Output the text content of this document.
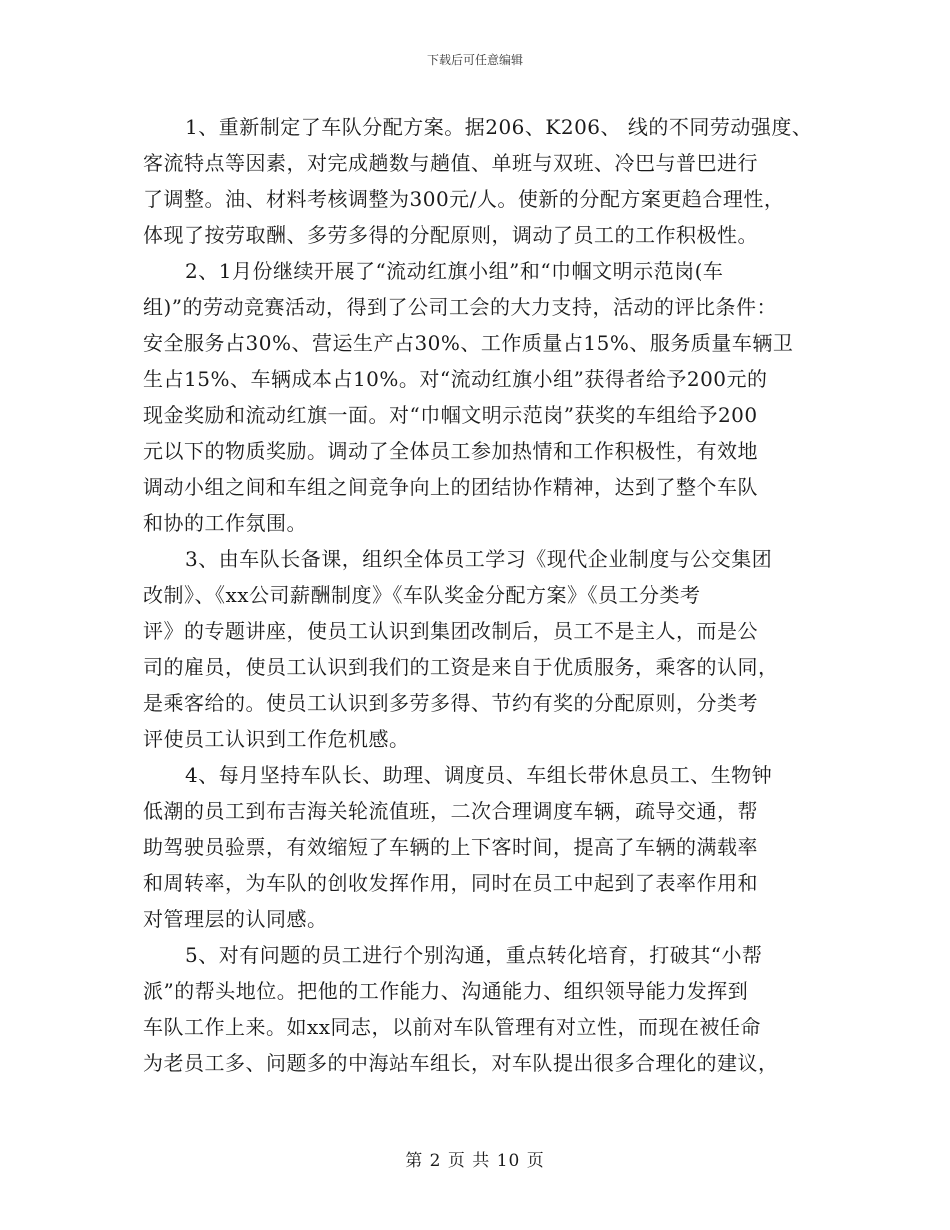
下载后可任意编辑
1、重新制定了车队分配方案。据206、K206、 线的不同劳动强度、
客流特点等因素，对完成趟数与趟值、单班与双班、冷巴与普巴进行
了调整。油、材料考核调整为300元/人。使新的分配方案更趋合理性，
体现了按劳取酬、多劳多得的分配原则，调动了员工的工作积极性。
2、1月份继续开展了“流动红旗小组”和“巾帼文明示范岗(车
组)”的劳动竞赛活动，得到了公司工会的大力支持，活动的评比条件：
安全服务占30%、营运生产占30%、工作质量占15%、服务质量车辆卫
生占15%、车辆成本占10%。对“流动红旗小组”获得者给予200元的
现金奖励和流动红旗一面。对“巾帼文明示范岗”获奖的车组给予200
元以下的物质奖励。调动了全体员工参加热情和工作积极性，有效地
调动小组之间和车组之间竞争向上的团结协作精神，达到了整个车队
和协的工作氛围。
3、由车队长备课，组织全体员工学习《现代企业制度与公交集团
改制》、《xx公司薪酬制度》《车队奖金分配方案》《员工分类考
评》的专题讲座，使员工认识到集团改制后，员工不是主人，而是公
司的雇员，使员工认识到我们的工资是来自于优质服务，乘客的认同，
是乘客给的。使员工认识到多劳多得、节约有奖的分配原则，分类考
评使员工认识到工作危机感。
4、每月坚持车队长、助理、调度员、车组长带休息员工、生物钟
低潮的员工到布吉海关轮流值班，二次合理调度车辆，疏导交通，帮
助驾驶员验票，有效缩短了车辆的上下客时间，提高了车辆的满载率
和周转率，为车队的创收发挥作用，同时在员工中起到了表率作用和
对管理层的认同感。
5、对有问题的员工进行个别沟通，重点转化培育，打破其“小帮
派”的帮头地位。把他的工作能力、沟通能力、组织领导能力发挥到
车队工作上来。如xx同志，以前对车队管理有对立性，而现在被任命
为老员工多、问题多的中海站车组长，对车队提出很多合理化的建议，
第 2 页 共 10 页
